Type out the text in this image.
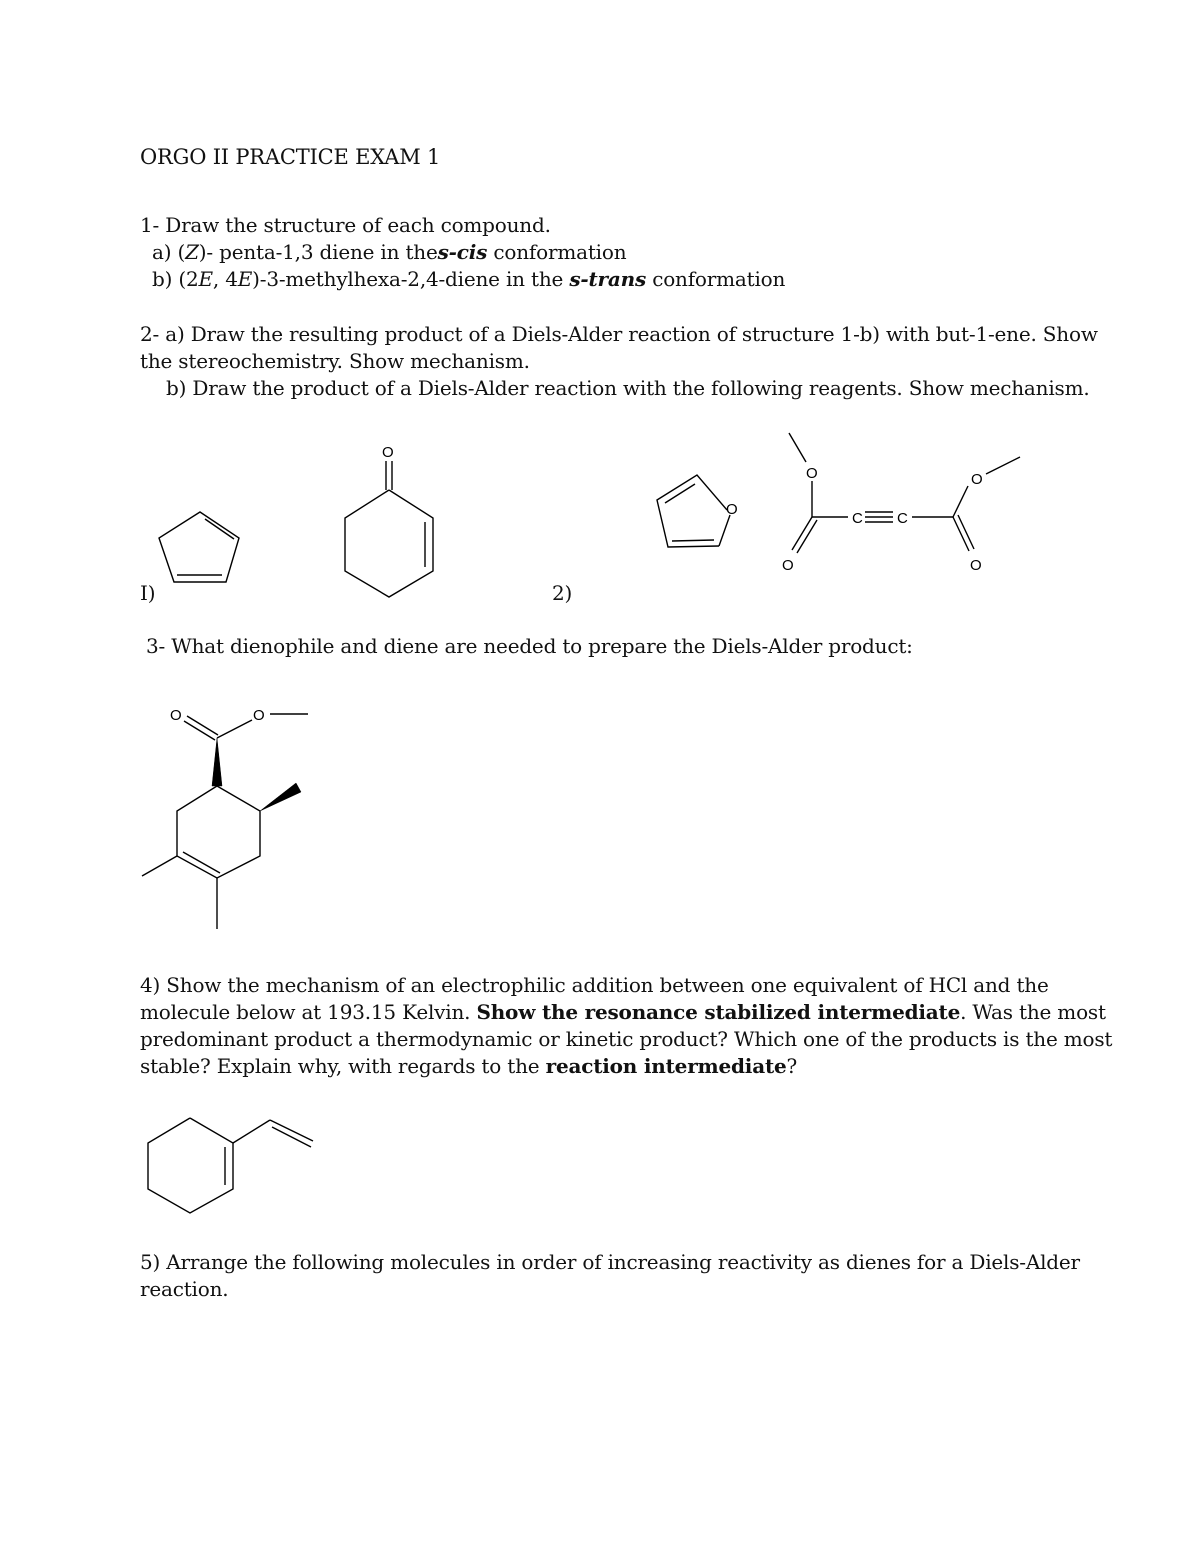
ORGO II PRACTICE EXAM 1
1- Draw the structure of each compound.
a) (Z)- penta-1,3 diene in thes-cis conformation
b) (2E, 4E)-3-methylhexa-2,4-diene in the s-trans conformation
2- a) Draw the resulting product of a Diels-Alder reaction of structure 1-b) with but-1-ene. Show
the stereochemistry. Show mechanism.
b) Draw the product of a Diels-Alder reaction with the following reagents. Show mechanism.
O
I)	2)
O
O
O
C C
O
O
3- What dienophile and diene are needed to prepare the Diels-Alder product:
O	O
4) Show the mechanism of an electrophilic addition between one equivalent of HCl and the
molecule below at 193.15 Kelvin. Show the resonance stabilized intermediate. Was the most
predominant product a thermodynamic or kinetic product? Which one of the products is the most
stable? Explain why, with regards to the reaction intermediate?
5) Arrange the following molecules in order of increasing reactivity as dienes for a Diels-Alder
reaction.
